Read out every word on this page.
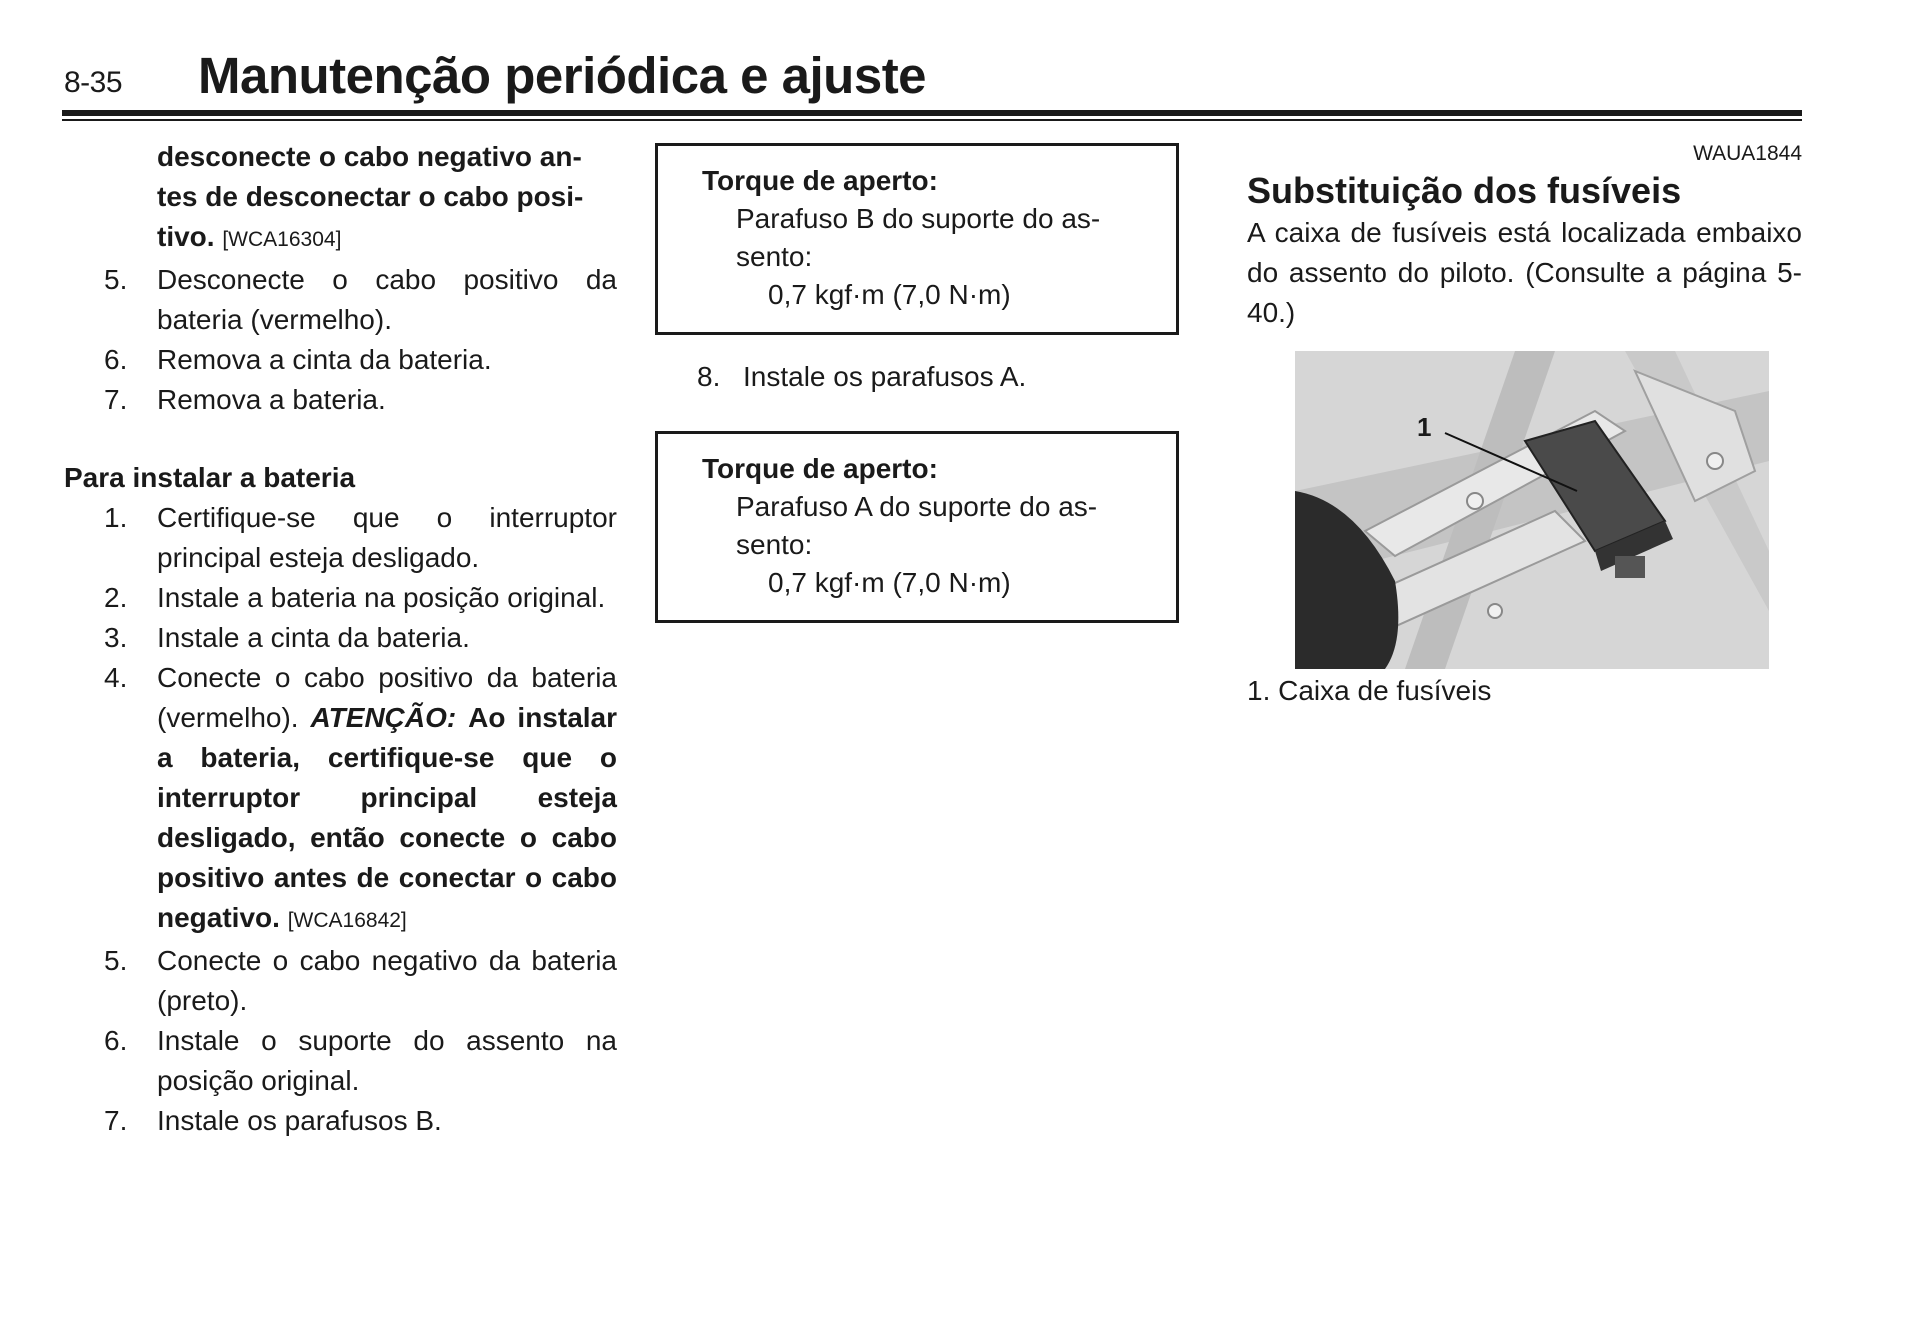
8-35 Manutenção periódica e ajuste
desconecte o cabo negativo an-
tes de desconectar o cabo posi-
tivo. [WCA16304]
5.	Desconecte o cabo positivo da bateria (vermelho).
6.	Remova a cinta da bateria.
7.	Remova a bateria.
Para instalar a bateria
1.	Certifique-se que o interruptor principal esteja desligado.
2.	Instale a bateria na posição original.
3.	Instale a cinta da bateria.
4.	Conecte o cabo positivo da bateria (vermelho). ATENÇÃO: Ao instalar a bateria, certifique-se que o interruptor principal esteja desligado, então conecte o cabo positivo antes de conectar o cabo negativo. [WCA16842]
5.	Conecte o cabo negativo da bateria (preto).
6.	Instale o suporte do assento na posição original.
7.	Instale os parafusos B.
Torque de aperto:
Parafuso B do suporte do as-
sento:
0,7 kgf·m (7,0 N·m)
8. Instale os parafusos A.
Torque de aperto:
Parafuso A do suporte do as-
sento:
0,7 kgf·m (7,0 N·m)
WAUA1844
Substituição dos fusíveis
A caixa de fusíveis está localizada embaixo do assento do piloto. (Consulte a página 5-40.)
1
1. Caixa de fusíveis
